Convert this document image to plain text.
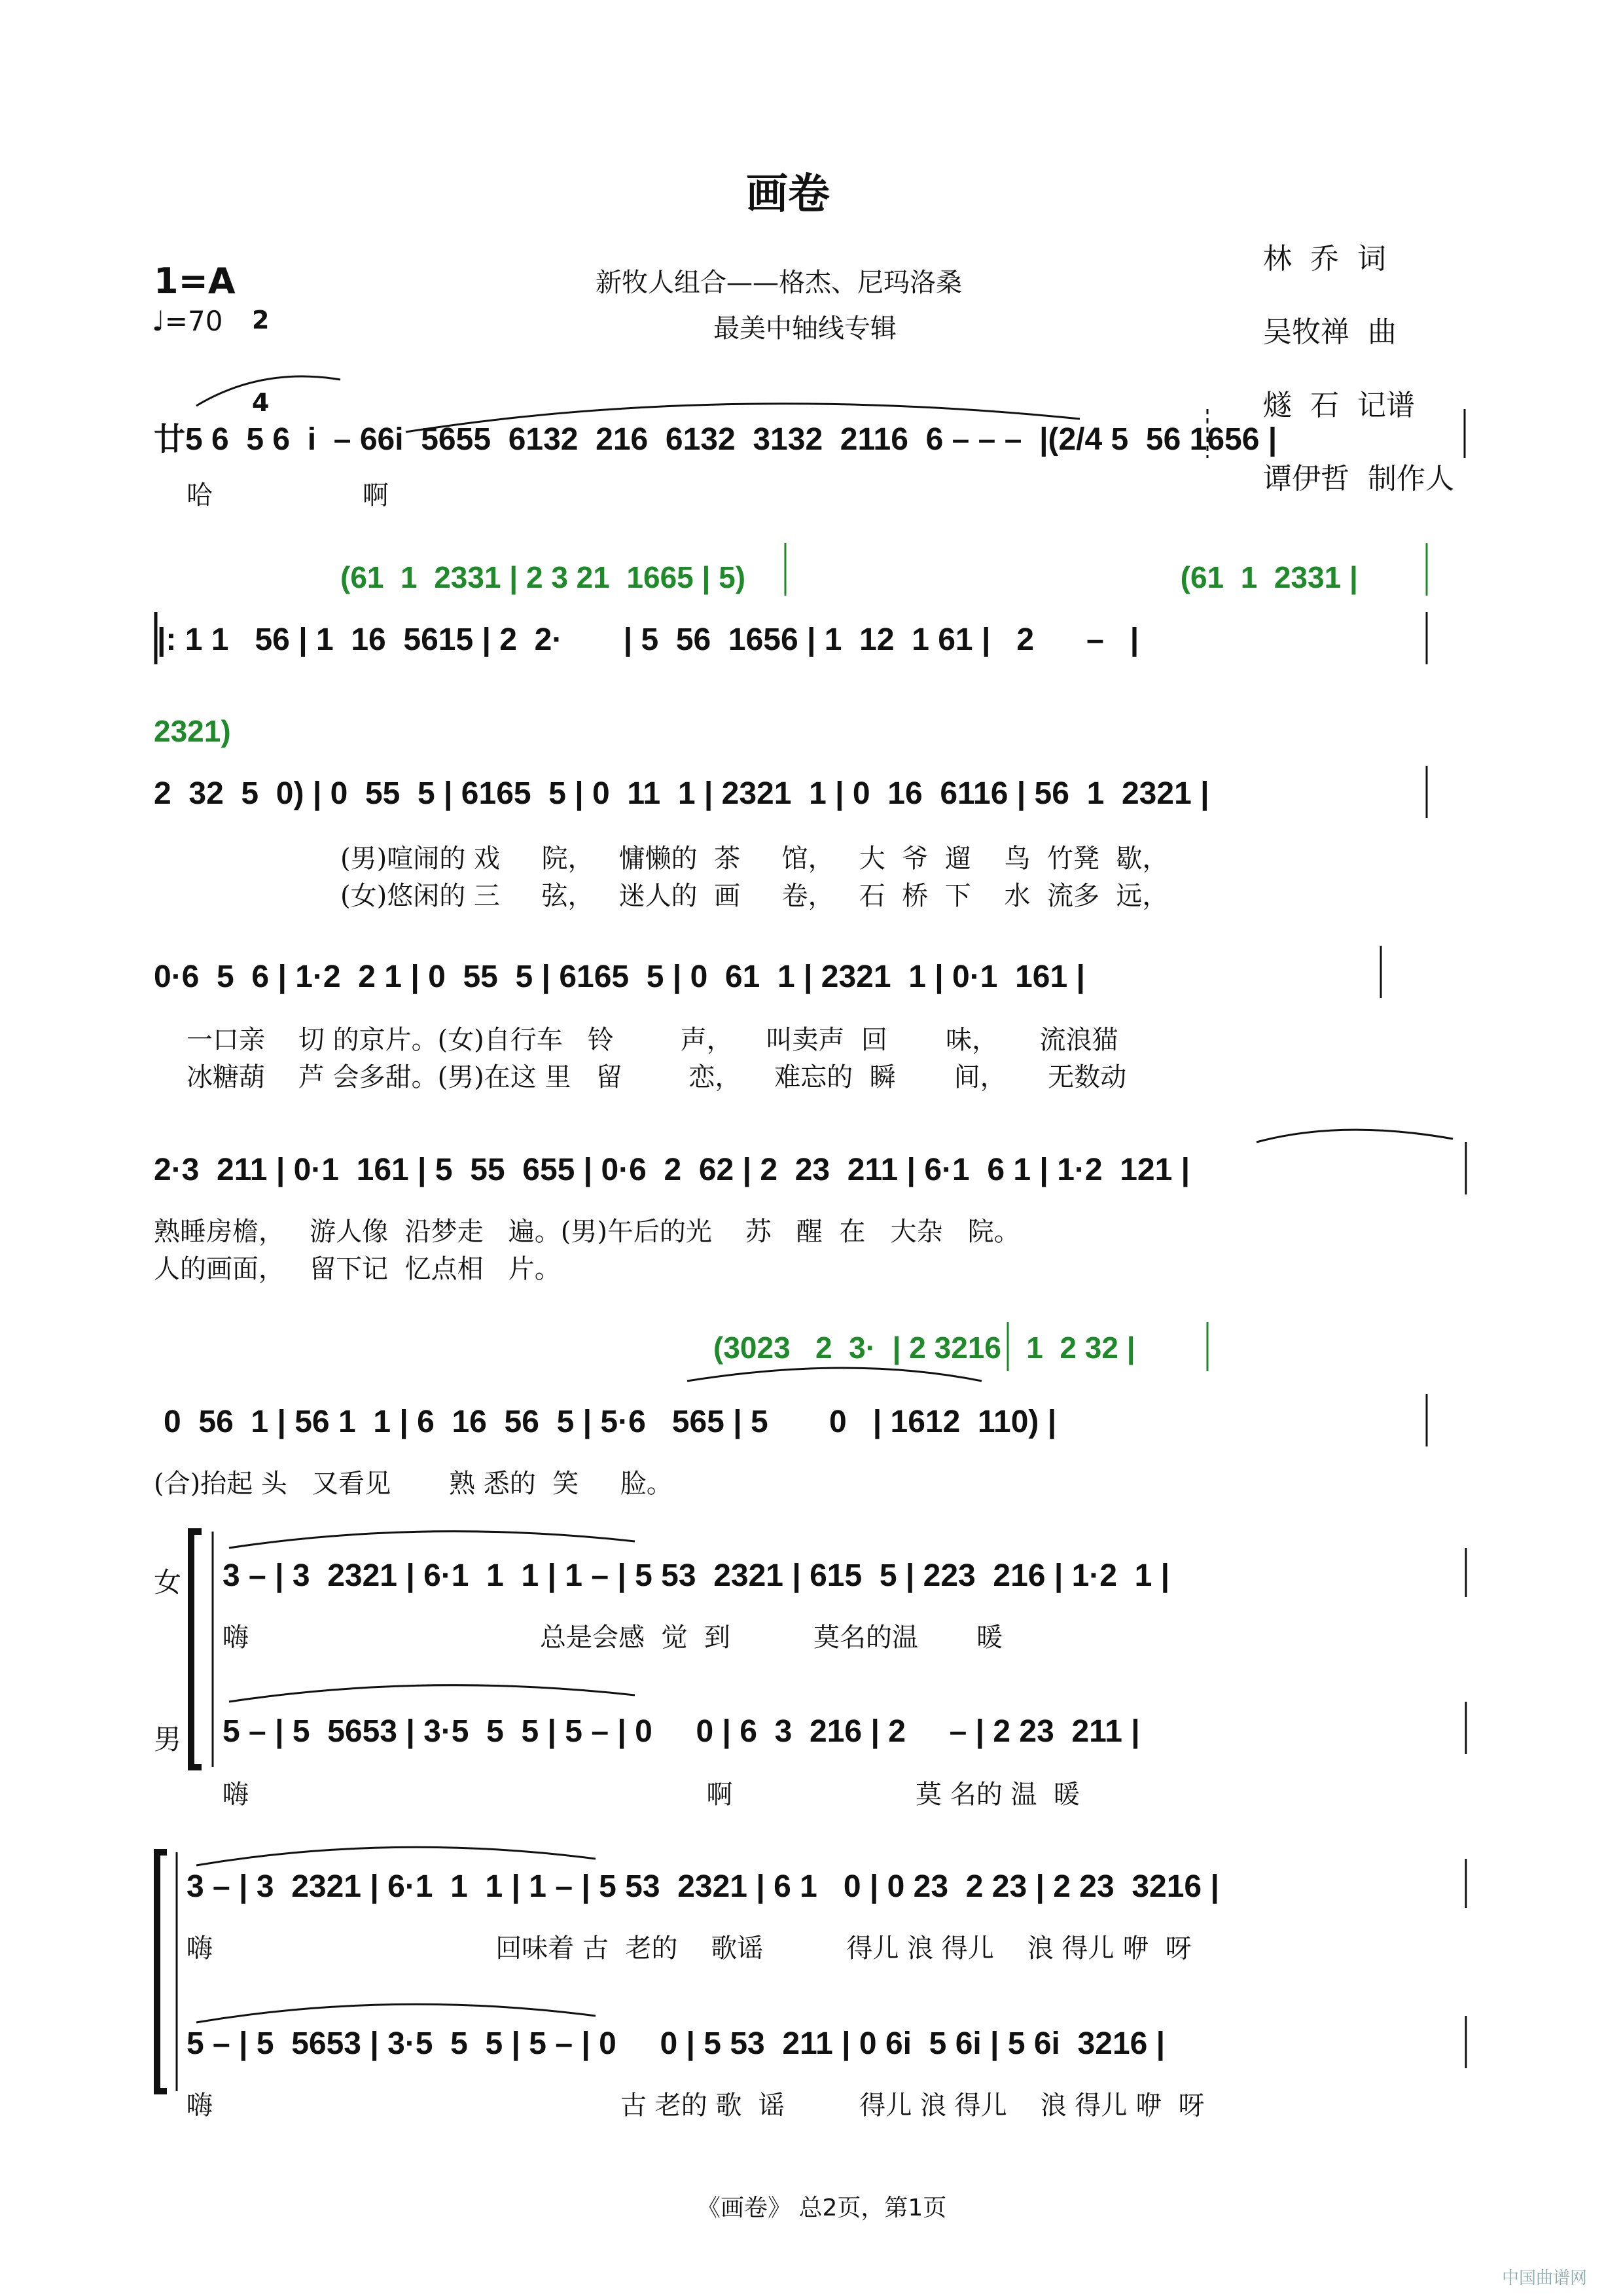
画卷

林  乔  词

吴牧禅  曲

燧  石  记谱

谭伊哲  制作人

1=A

2

4

♩=70
新牧人组合——格杰、尼玛洛桑
最美中轴线专辑
廿5 6  5 6  i  – 66i  5655  6132  216  6132  3132  2116  6 – – –  |(2/4 5  56 1656 |
哈                  啊
(61  1  2331 | 2 3 21  1665 | 5)                                                    (61  1  2331 |
|: 1 1   56 | 1  16  5615 | 2  2·       | 5  56  1656 | 1  12  1 61 |   2      –   |
2321)
2  32  5  0) | 0  55  5 | 6165  5 | 0  11  1 | 2321  1 | 0  16  6116 | 56  1  2321 |
(男)喧闹的 戏     院，   慵懒的  茶     馆，   大  爷  遛    鸟  竹凳  歇，
(女)悠闲的 三     弦，   迷人的  画     卷，   石  桥  下    水  流多  远，
0·6  5  6 | 1·2  2 1 | 0  55  5 | 6165  5 | 0  61  1 | 2321  1 | 0·1  161 |
一口亲    切 的京片。(女)自行车   铃        声，    叫卖声  回       味，     流浪猫
冰糖葫    芦 会多甜。(男)在这 里   留        恋，    难忘的  瞬       间，     无数动
2·3  211 | 0·1  161 | 5  55  655 | 0·6  2  62 | 2  23  211 | 6·1  6 1 | 1·2  121 |
熟睡房檐，   游人像  沿梦走   遍。(男)午后的光    苏   醒  在   大杂   院。
人的画面，   留下记  忆点相   片。
(3023   2  3·  | 2 3216   1  2 32 |
0  56  1 | 56 1  1 | 6  16  56  5 | 5·6   565 | 5       0   | 1612  110) |
(合)抬起 头   又看见       熟 悉的  笑     脸。
女 3 – | 3  2321 | 6·1  1  1 | 1 – | 5 53  2321 | 615  5 | 223  216 | 1·2  1 |
嗨                                   总是会感  觉  到          莫名的温       暖
男 5 – | 5  5653 | 3·5  5  5 | 5 – | 0     0 | 6  3  216 | 2     – | 2 23  211 |
嗨                                                       啊                      莫 名的 温  暖
3 – | 3  2321 | 6·1  1  1 | 1 – | 5 53  2321 | 6 1   0 | 0 23  2 23 | 2 23  3216 |
嗨                                  回味着 古  老的    歌谣          得儿 浪 得儿    浪 得儿 咿  呀
5 – | 5  5653 | 3·5  5  5 | 5 – | 0     0 | 5 53  211 | 0 6i  5 6i | 5 6i  3216 |
嗨                                                 古 老的 歌  谣         得儿 浪 得儿    浪 得儿 咿  呀
《画卷》 总2页，第1页
中国曲谱网
